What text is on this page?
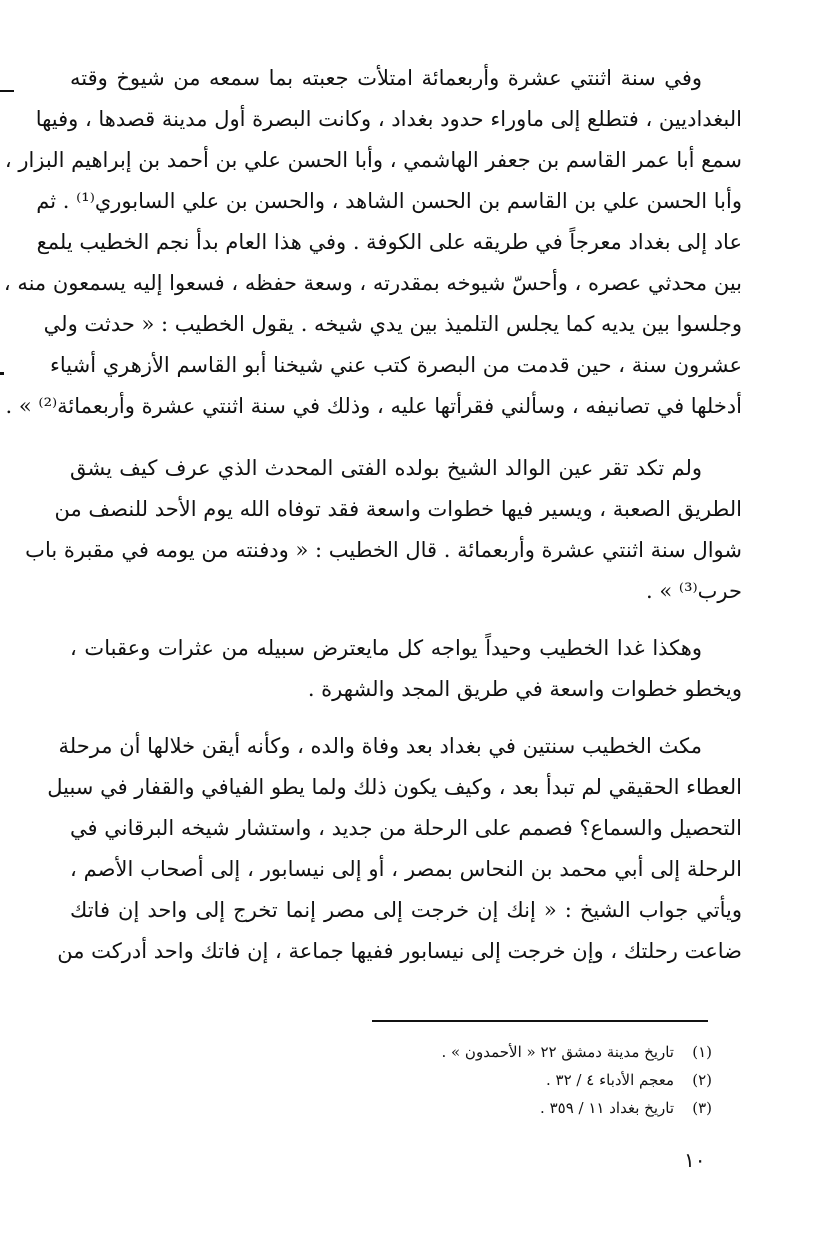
وفي سنة اثنتي عشرة وأربعمائة امتلأت جعبته بما سمعه من شيوخ وقته
البغداديين ، فتطلع إلى ماوراء حدود بغداد ، وكانت البصرة أول مدينة قصدها ، وفيها
سمع أبا عمر القاسم بن جعفر الهاشمي ، وأبا الحسن علي بن أحمد بن إبراهيم البزار ،
وأبا الحسن علي بن القاسم بن الحسن الشاهد ، والحسن بن علي السابوري⁽¹⁾ . ثم
عاد إلى بغداد معرجاً في طريقه على الكوفة . وفي هذا العام بدأ نجم الخطيب يلمع
بين محدثي عصره ، وأحسّ شيوخه بمقدرته ، وسعة حفظه ، فسعوا إليه يسمعون منه ،
وجلسوا بين يديه كما يجلس التلميذ بين يدي شيخه . يقول الخطيب : « حدثت ولي
عشرون سنة ، حين قدمت من البصرة كتب عني شيخنا أبو القاسم الأزهري أشياء
أدخلها في تصانيفه ، وسألني فقرأتها عليه ، وذلك في سنة اثنتي عشرة وأربعمائة⁽²⁾ » .
ولم تكد تقر عين الوالد الشيخ بولده الفتى المحدث الذي عرف كيف يشق
الطريق الصعبة ، ويسير فيها خطوات واسعة فقد توفاه الله يوم الأحد للنصف من
شوال سنة اثنتي عشرة وأربعمائة . قال الخطيب : « ودفنته من يومه في مقبرة باب
حرب⁽³⁾ » .
وهكذا غدا الخطيب وحيداً يواجه كل مايعترض سبيله من عثرات وعقبات ،
ويخطو خطوات واسعة في طريق المجد والشهرة .
مكث الخطيب سنتين في بغداد بعد وفاة والده ، وكأنه أيقن خلالها أن مرحلة
العطاء الحقيقي لم تبدأ بعد ، وكيف يكون ذلك ولما يطو الفيافي والقفار في سبيل
التحصيل والسماع؟ فصمم على الرحلة من جديد ، واستشار شيخه البرقاني في
الرحلة إلى أبي محمد بن النحاس بمصر ، أو إلى نيسابور ، إلى أصحاب الأصم ،
ويأتي جواب الشيخ : « إنك إن خرجت إلى مصر إنما تخرج إلى واحد إن فاتك
ضاعت رحلتك ، وإن خرجت إلى نيسابور ففيها جماعة ، إن فاتك واحد أدركت من
(١)
تاريخ مدينة دمشق ٢٢ « الأحمدون » .
(٢)
معجم الأدباء ٤ / ٣٢ .
(٣)
تاريخ بغداد ١١ / ٣٥٩ .
١٠
